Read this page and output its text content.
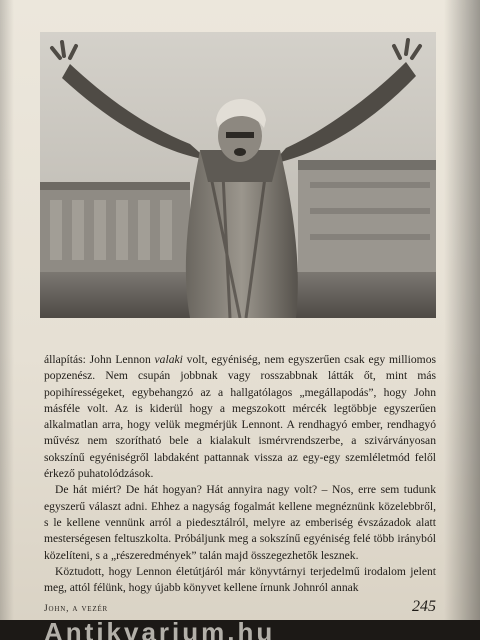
állapítás: John Lennon valaki volt, egyéniség, nem egyszerűen csak egy milliomos popzenész. Nem csupán jobbnak vagy rosszabbnak látták őt, mint más popihírességeket, egybehangzó az a hallgatólagos „megállapodás”, hogy John másféle volt. Az is kiderül hogy a megszokott mércék legtöbbje egyszerűen alkalmatlan arra, hogy velük megmérjük Lennont. A rendhagyó ember, rendhagyó művész nem szorítható bele a kialakult ismérvrendszerbe, a szivárványosan sokszínű egyéniségről labdaként pattannak vissza az egy-egy szemléletmód felől érkező puhatolódzások.

De hát miért? De hát hogyan? Hát annyira nagy volt? – Nos, erre sem tudunk egyszerű választ adni. Ehhez a nagyság fogalmát kellene megnéznünk közelebbről, s le kellene vennünk arról a piedesztálról, melyre az emberiség évszázadok alatt mesterségesen feltuszkolta. Próbáljunk meg a sokszínű egyéniség felé több irányból közelíteni, s a „részeredmények” talán majd összegezhetők lesznek.

Köztudott, hogy Lennon életútjáról már könyvtárnyi terjedelmű irodalom jelent meg, attól félünk, hogy újabb könyvet kellene írnunk Johnról annak

John, a vezér	245
Antikvarium.hu
